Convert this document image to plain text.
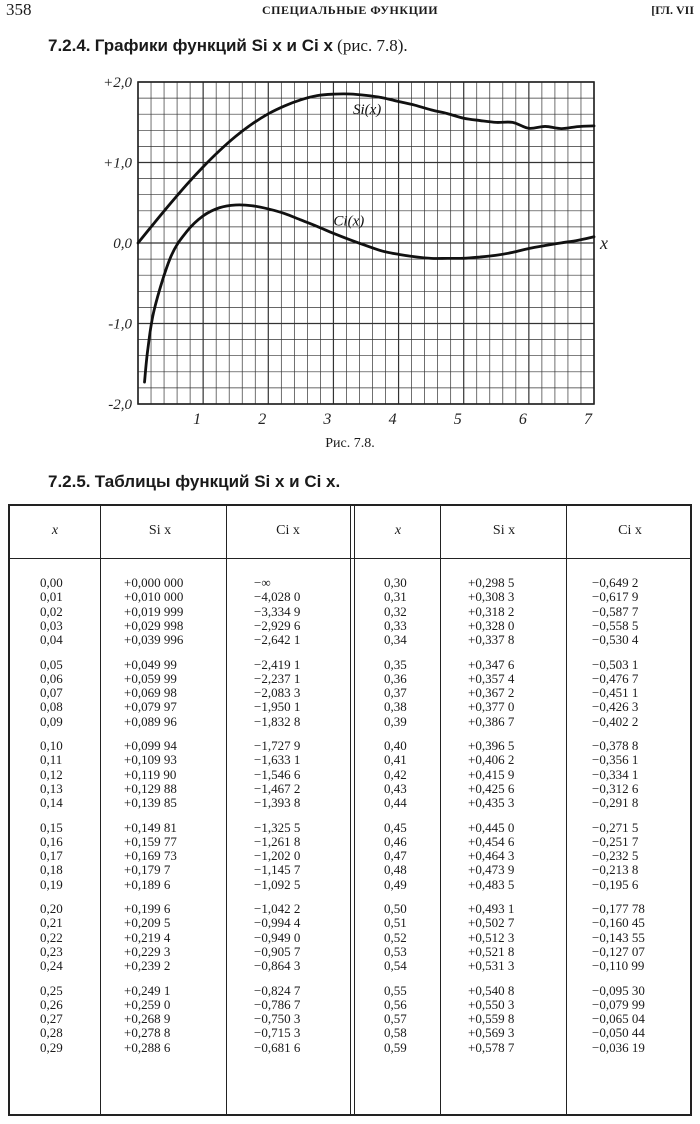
358	СПЕЦИАЛЬНЫЕ ФУНКЦИИ	[ГЛ. VII
7.2.4. Графики функций Si x и Ci x (рис. 7.8).
+2,0
+1,0
0,0
-1,0
-2,0
1	2	3	4	5	6	7
x
Si(x)
Ci(x)
Рис. 7.8.
7.2.5. Таблицы функций Si x и Ci x.
x	Si x	Ci x	x	Si x	Ci x
0,00	+0,000 000	−∞	0,30	+0,298 5	−0,649 2
0,01	+0,010 000	−4,028 0	0,31	+0,308 3	−0,617 9
0,02	+0,019 999	−3,334 9	0,32	+0,318 2	−0,587 7
0,03	+0,029 998	−2,929 6	0,33	+0,328 0	−0,558 5
0,04	+0,039 996	−2,642 1	0,34	+0,337 8	−0,530 4
0,05	+0,049 99	−2,419 1	0,35	+0,347 6	−0,503 1
0,06	+0,059 99	−2,237 1	0,36	+0,357 4	−0,476 7
0,07	+0,069 98	−2,083 3	0,37	+0,367 2	−0,451 1
0,08	+0,079 97	−1,950 1	0,38	+0,377 0	−0,426 3
0,09	+0,089 96	−1,832 8	0,39	+0,386 7	−0,402 2
0,10	+0,099 94	−1,727 9	0,40	+0,396 5	−0,378 8
0,11	+0,109 93	−1,633 1	0,41	+0,406 2	−0,356 1
0,12	+0,119 90	−1,546 6	0,42	+0,415 9	−0,334 1
0,13	+0,129 88	−1,467 2	0,43	+0,425 6	−0,312 6
0,14	+0,139 85	−1,393 8	0,44	+0,435 3	−0,291 8
0,15	+0,149 81	−1,325 5	0,45	+0,445 0	−0,271 5
0,16	+0,159 77	−1,261 8	0,46	+0,454 6	−0,251 7
0,17	+0,169 73	−1,202 0	0,47	+0,464 3	−0,232 5
0,18	+0,179 7	−1,145 7	0,48	+0,473 9	−0,213 8
0,19	+0,189 6	−1,092 5	0,49	+0,483 5	−0,195 6
0,20	+0,199 6	−1,042 2	0,50	+0,493 1	−0,177 78
0,21	+0,209 5	−0,994 4	0,51	+0,502 7	−0,160 45
0,22	+0,219 4	−0,949 0	0,52	+0,512 3	−0,143 55
0,23	+0,229 3	−0,905 7	0,53	+0,521 8	−0,127 07
0,24	+0,239 2	−0,864 3	0,54	+0,531 3	−0,110 99
0,25	+0,249 1	−0,824 7	0,55	+0,540 8	−0,095 30
0,26	+0,259 0	−0,786 7	0,56	+0,550 3	−0,079 99
0,27	+0,268 9	−0,750 3	0,57	+0,559 8	−0,065 04
0,28	+0,278 8	−0,715 3	0,58	+0,569 3	−0,050 44
0,29	+0,288 6	−0,681 6	0,59	+0,578 7	−0,036 19
